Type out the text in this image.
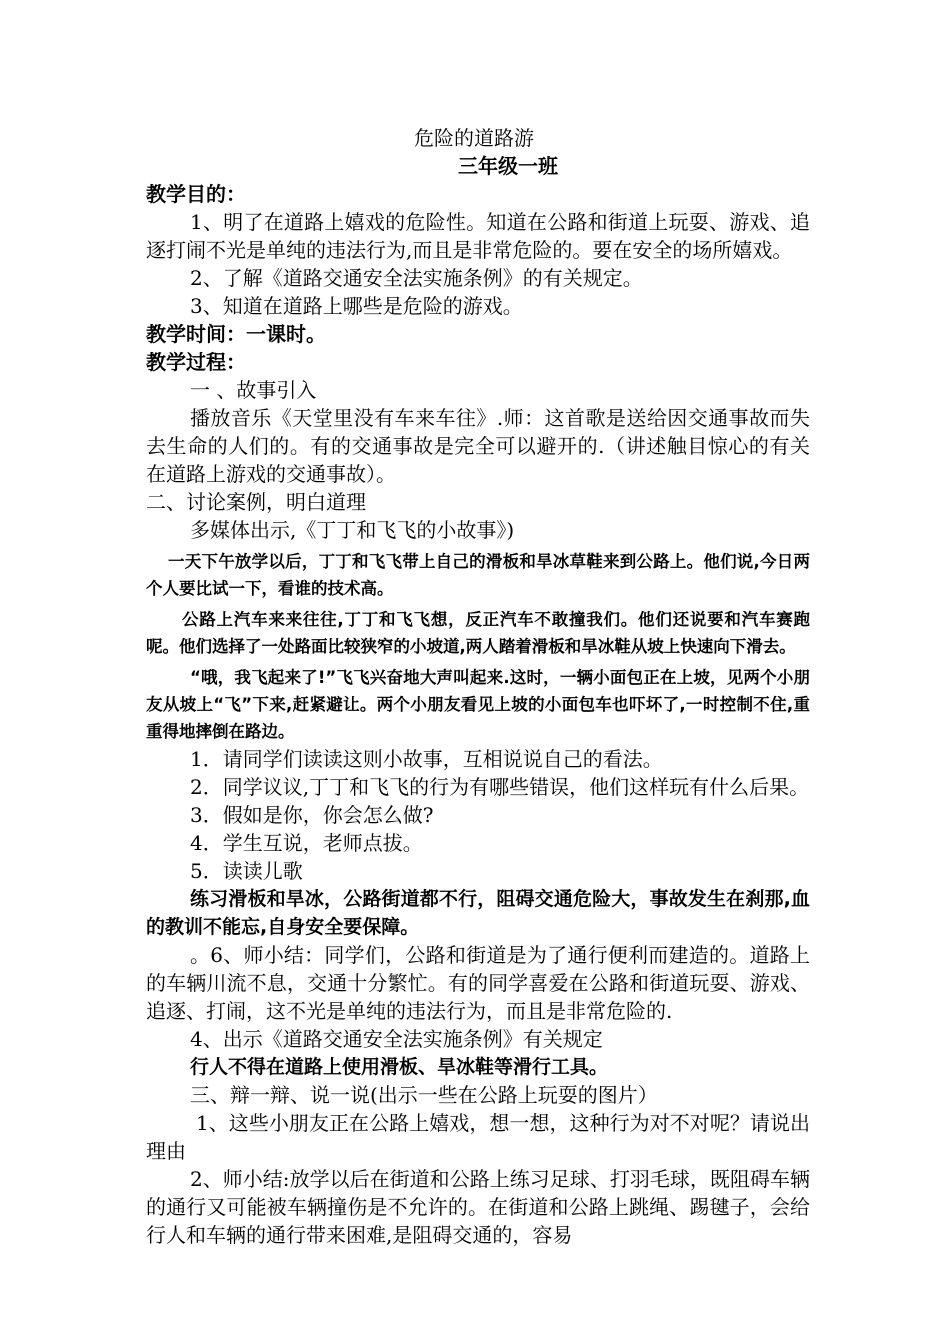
危险的道路游

三年级一班

教学目的：

1、明了在道路上嬉戏的危险性。知道在公路和街道上玩耍、游戏、追逐打闹不光是单纯的违法行为,而且是非常危险的。要在安全的场所嬉戏。

2、了解《道路交通安全法实施条例》的有关规定。

3、知道在道路上哪些是危险的游戏。

教学时间：一课时。

教学过程：

一 、故事引入

播放音乐《天堂里没有车来车往》.师：这首歌是送给因交通事故而失去生命的人们的。有的交通事故是完全可以避开的.（讲述触目惊心的有关在道路上游戏的交通事故）。

二、讨论案例，明白道理

多媒体出示,《丁丁和飞飞的小故事》)

一天下午放学以后，丁丁和飞飞带上自己的滑板和旱冰草鞋来到公路上。他们说,今日两个人要比试一下，看谁的技术高。

公路上汽车来来往往,丁丁和飞飞想，反正汽车不敢撞我们。他们还说要和汽车赛跑呢。他们选择了一处路面比较狭窄的小坡道,两人踏着滑板和旱冰鞋从坡上快速向下滑去。

“哦，我飞起来了!”飞飞兴奋地大声叫起来.这时，一辆小面包正在上坡，见两个小朋友从坡上“飞”下来,赶紧避让。两个小朋友看见上坡的小面包车也吓坏了,一时控制不住,重重得地摔倒在路边。

1．请同学们读读这则小故事，互相说说自己的看法。

2．同学议议,丁丁和飞飞的行为有哪些错误，他们这样玩有什么后果。

3．假如是你，你会怎么做?

4．学生互说，老师点拔。

5．读读儿歌

练习滑板和旱冰，公路街道都不行，阻碍交通危险大，事故发生在刹那,血的教训不能忘,自身安全要保障。

。6、师小结：同学们，公路和街道是为了通行便利而建造的。道路上的车辆川流不息，交通十分繁忙。有的同学喜爱在公路和街道玩耍、游戏、追逐、打闹，这不光是单纯的违法行为，而且是非常危险的.

4、出示《道路交通安全法实施条例》有关规定

行人不得在道路上使用滑板、旱冰鞋等滑行工具。

三、辩一辩、说一说(出示一些在公路上玩耍的图片）

1、这些小朋友正在公路上嬉戏，想一想，这种行为对不对呢？请说出理由

2、师小结:放学以后在街道和公路上练习足球、打羽毛球，既阻碍车辆的通行又可能被车辆撞伤是不允许的。在街道和公路上跳绳、踢毽子，会给行人和车辆的通行带来困难,是阻碍交通的，容易
